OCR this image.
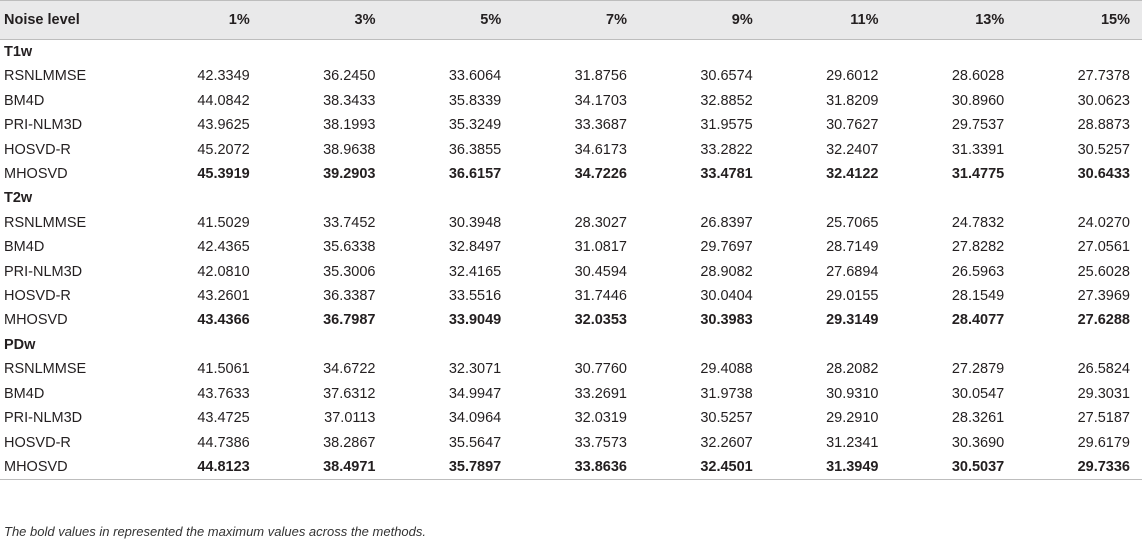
Noise level	1%	3%	5%	7%	9%	11%	13%	15%
T1w								
RSNLMMSE	42.3349	36.2450	33.6064	31.8756	30.6574	29.6012	28.6028	27.7378
BM4D	44.0842	38.3433	35.8339	34.1703	32.8852	31.8209	30.8960	30.0623
PRI-NLM3D	43.9625	38.1993	35.3249	33.3687	31.9575	30.7627	29.7537	28.8873
HOSVD-R	45.2072	38.9638	36.3855	34.6173	33.2822	32.2407	31.3391	30.5257
MHOSVD	45.3919	39.2903	36.6157	34.7226	33.4781	32.4122	31.4775	30.6433
T2w								
RSNLMMSE	41.5029	33.7452	30.3948	28.3027	26.8397	25.7065	24.7832	24.0270
BM4D	42.4365	35.6338	32.8497	31.0817	29.7697	28.7149	27.8282	27.0561
PRI-NLM3D	42.0810	35.3006	32.4165	30.4594	28.9082	27.6894	26.5963	25.6028
HOSVD-R	43.2601	36.3387	33.5516	31.7446	30.0404	29.0155	28.1549	27.3969
MHOSVD	43.4366	36.7987	33.9049	32.0353	30.3983	29.3149	28.4077	27.6288
PDw								
RSNLMMSE	41.5061	34.6722	32.3071	30.7760	29.4088	28.2082	27.2879	26.5824
BM4D	43.7633	37.6312	34.9947	33.2691	31.9738	30.9310	30.0547	29.3031
PRI-NLM3D	43.4725	37.0113	34.0964	32.0319	30.5257	29.2910	28.3261	27.5187
HOSVD-R	44.7386	38.2867	35.5647	33.7573	32.2607	31.2341	30.3690	29.6179
MHOSVD	44.8123	38.4971	35.7897	33.8636	32.4501	31.3949	30.5037	29.7336
The bold values in represented the maximum values across the methods.
